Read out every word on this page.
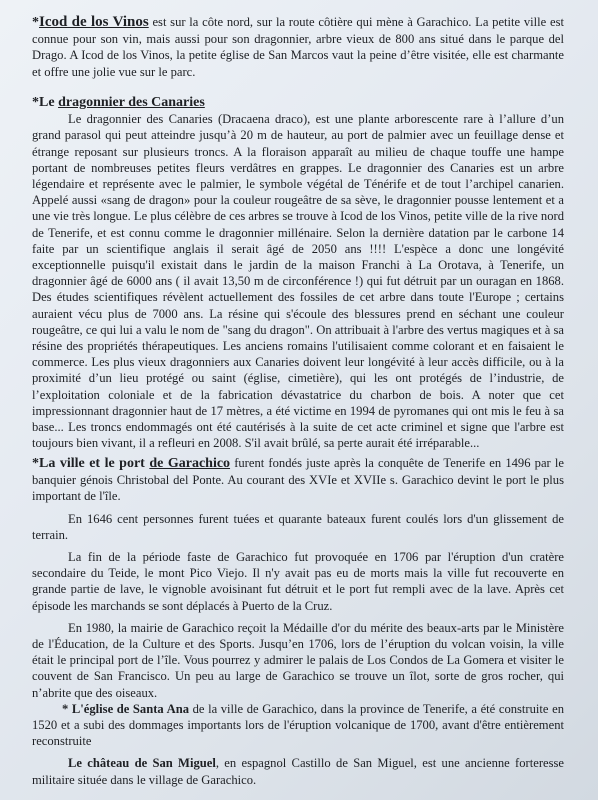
*Icod de los Vinos est sur la côte nord, sur la route côtière qui mène à Garachico. La petite ville est connue pour son vin, mais aussi pour son dragonnier, arbre vieux de 800 ans situé dans le parque del Drago. A Icod de los Vinos, la petite église de San Marcos vaut la peine d’être visitée, elle est charmante et offre une jolie vue sur le parc.

*Le dragonnier des Canaries

Le dragonnier des Canaries (Dracaena draco), est une plante arborescente rare à l’allure d’un grand parasol qui peut atteindre jusqu’à 20 m de hauteur, au port de palmier avec un feuillage dense et étrange reposant sur plusieurs troncs. A la floraison apparaît au milieu de chaque touffe une hampe portant de nombreuses petites fleurs verdâtres en grappes. Le dragonnier des Canaries est un arbre légendaire et représente avec le palmier, le symbole végétal de Ténérife et de tout l’archipel canarien. Appelé aussi «sang de dragon» pour la couleur rougeâtre de sa sève, le dragonnier pousse lentement et a une vie très longue. Le plus célèbre de ces arbres se trouve à Icod de los Vinos, petite ville de la rive nord de Tenerife, et est connu comme le dragonnier millénaire. Selon la dernière datation par le carbone 14 faite par un scientifique anglais il serait âgé de 2050 ans !!!! L'espèce a donc une longévité exceptionnelle puisqu'il existait dans le jardin de la maison Franchi à La Orotava, à Tenerife, un dragonnier âgé de 6000 ans ( il avait 13,50 m de circonférence !) qui fut détruit par un ouragan en 1868. Des études scientifiques révèlent actuellement des fossiles de cet arbre dans toute l'Europe ; certains auraient vécu plus de 7000 ans. La résine qui s'écoule des blessures prend en séchant une couleur rougeâtre, ce qui lui a valu le nom de "sang du dragon". On attribuait à l'arbre des vertus magiques et à sa résine des propriétés thérapeutiques. Les anciens romains l'utilisaient comme colorant et en faisaient le commerce. Les plus vieux dragonniers aux Canaries doivent leur longévité à leur accès difficile, ou à la proximité d’un lieu protégé ou saint (église, cimetière), qui les ont protégés de l’industrie, de l’exploitation coloniale et de la fabrication dévastatrice du charbon de bois. A noter que cet impressionnant dragonnier haut de 17 mètres, a été victime en 1994 de pyromanes qui ont mis le feu à sa base... Les troncs endommagés ont été cautérisés à la suite de cet acte criminel et signe que l'arbre est toujours bien vivant, il a refleuri en 2008. S'il avait brûlé, sa perte aurait été irréparable...

*La ville et le port de Garachico furent fondés juste après la conquête de Tenerife en 1496 par le banquier génois Christobal del Ponte. Au courant des XVIe et XVIIe s. Garachico devint le port le plus important de l'île.

En 1646 cent personnes furent tuées et quarante bateaux furent coulés lors d'un glissement de terrain.

La fin de la période faste de Garachico fut provoquée en 1706 par l'éruption d'un cratère secondaire du Teide, le mont Pico Viejo. Il n'y avait pas eu de morts mais la ville fut recouverte en grande partie de lave, le vignoble avoisinant fut détruit et le port fut rempli avec de la lave. Après cet épisode les marchands se sont déplacés à Puerto de la Cruz.

En 1980, la mairie de Garachico reçoit la Médaille d'or du mérite des beaux-arts par le Ministère de l'Éducation, de la Culture et des Sports. Jusqu’en 1706, lors de l’éruption du volcan voisin, la ville était le principal port de l’île. Vous pourrez y admirer le palais de Los Condos de La Gomera et visiter le couvent de San Francisco. Un peu au large de Garachico se trouve un îlot, sorte de gros rocher, qui n’abrite que des oiseaux.

* L'église de Santa Ana de la ville de Garachico, dans la province de Tenerife, a été construite en 1520 et a subi des dommages importants lors de l'éruption volcanique de 1700, avant d'être entièrement reconstruite

Le château de San Miguel, en espagnol Castillo de San Miguel, est une ancienne forteresse militaire située dans le village de Garachico.
